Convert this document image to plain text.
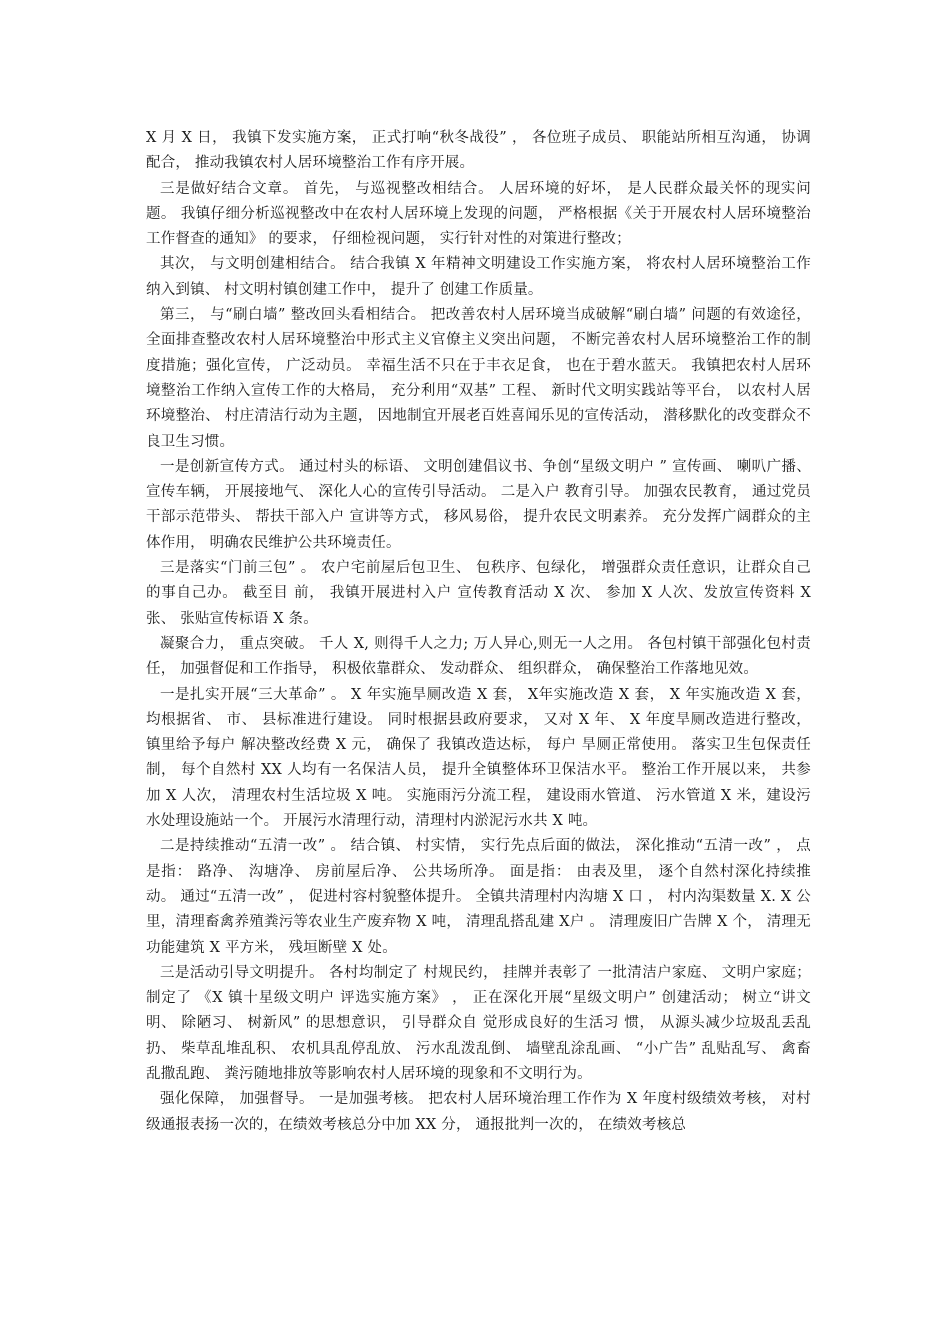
X 月 X 日， 我镇下发实施方案， 正式打响“秋冬战役” ， 各位班子成员、 职能站所相互沟通， 协调配合， 推动我镇农村人居环境整治工作有序开展。

三是做好结合文章。 首先， 与巡视整改相结合。 人居环境的好坏， 是人民群众最关怀的现实问题。 我镇仔细分析巡视整改中在农村人居环境上发现的问题， 严格根据《关于开展农村人居环境整治工作督查的通知》 的要求， 仔细检视问题， 实行针对性的对策进行整改；

其次， 与文明创建相结合。 结合我镇 X 年精神文明建设工作实施方案， 将农村人居环境整治工作纳入到镇、 村文明村镇创建工作中， 提升了 创建工作质量。

第三， 与“刷白墙” 整改回头看相结合。 把改善农村人居环境当成破解“刷白墙” 问题的有效途径， 全面排查整改农村人居环境整治中形式主义官僚主义突出问题， 不断完善农村人居环境整治工作的制度措施；强化宣传， 广泛动员。 幸福生活不只在于丰衣足食， 也在于碧水蓝天。 我镇把农村人居环境整治工作纳入宣传工作的大格局， 充分利用“双基” 工程、 新时代文明实践站等平台， 以农村人居环境整治、 村庄清洁行动为主题， 因地制宜开展老百姓喜闻乐见的宣传活动， 潜移默化的改变群众不良卫生习惯。

一是创新宣传方式。 通过村头的标语、 文明创建倡议书、争创“星级文明户 ” 宣传画、 喇叭广播、 宣传车辆， 开展接地气、 深化人心的宣传引导活动。 二是入户 教育引导。 加强农民教育， 通过党员干部示范带头、 帮扶干部入户 宣讲等方式， 移风易俗， 提升农民文明素养。 充分发挥广阔群众的主体作用， 明确农民维护公共环境责任。

三是落实“门前三包” 。 农户宅前屋后包卫生、 包秩序、包绿化， 增强群众责任意识，让群众自己的事自己办。 截至目 前， 我镇开展进村入户 宣传教育活动 X 次、 参加 X 人次、发放宣传资料 X 张、 张贴宣传标语 X 条。

凝聚合力， 重点突破。 千人 X, 则得千人之力; 万人异心,则无一人之用。 各包村镇干部强化包村责任， 加强督促和工作指导， 积极依靠群众、 发动群众、 组织群众， 确保整治工作落地见效。

一是扎实开展“三大革命” 。 X 年实施旱厕改造 X 套， X年实施改造 X 套， X 年实施改造 X 套， 均根据省、 市、 县标准进行建设。 同时根据县政府要求， 又对 X 年、 X 年度旱厕改造进行整改， 镇里给予每户 解决整改经费 X 元， 确保了 我镇改造达标， 每户 旱厕正常使用。 落实卫生包保责任制， 每个自然村 XX 人均有一名保洁人员， 提升全镇整体环卫保洁水平。 整治工作开展以来， 共参加 X 人次， 清理农村生活垃圾 X 吨。 实施雨污分流工程， 建设雨水管道、 污水管道 X 米，建设污水处理设施站一个。 开展污水清理行动，清理村内淤泥污水共 X 吨。

二是持续推动“五清一改” 。 结合镇、 村实情， 实行先点后面的做法， 深化推动“五清一改” ， 点是指： 路净、 沟塘净、 房前屋后净、 公共场所净。 面是指： 由表及里， 逐个自然村深化持续推动。 通过“五清一改” ， 促进村容村貌整体提升。 全镇共清理村内沟塘 X 口 ， 村内沟渠数量 X. X 公里，清理畜禽养殖粪污等农业生产废弃物 X 吨， 清理乱搭乱建 X户 。 清理废旧广告牌 X 个， 清理无功能建筑 X 平方米， 残垣断壁 X 处。

三是活动引导文明提升。 各村均制定了 村规民约， 挂牌并表彰了 一批清洁户家庭、 文明户家庭； 制定了 《X 镇十星级文明户 评选实施方案》 ， 正在深化开展“星级文明户” 创建活动； 树立“讲文明、 除陋习、 树新风” 的思想意识， 引导群众自 觉形成良好的生活习 惯， 从源头减少垃圾乱丢乱扔、 柴草乱堆乱积、 农机具乱停乱放、 污水乱泼乱倒、 墙壁乱涂乱画、 “小广告” 乱贴乱写、 禽畜乱撒乱跑、 粪污随地排放等影响农村人居环境的现象和不文明行为。

强化保障， 加强督导。 一是加强考核。 把农村人居环境治理工作作为 X 年度村级绩效考核， 对村级通报表扬一次的，在绩效考核总分中加 XX 分， 通报批判一次的， 在绩效考核总
